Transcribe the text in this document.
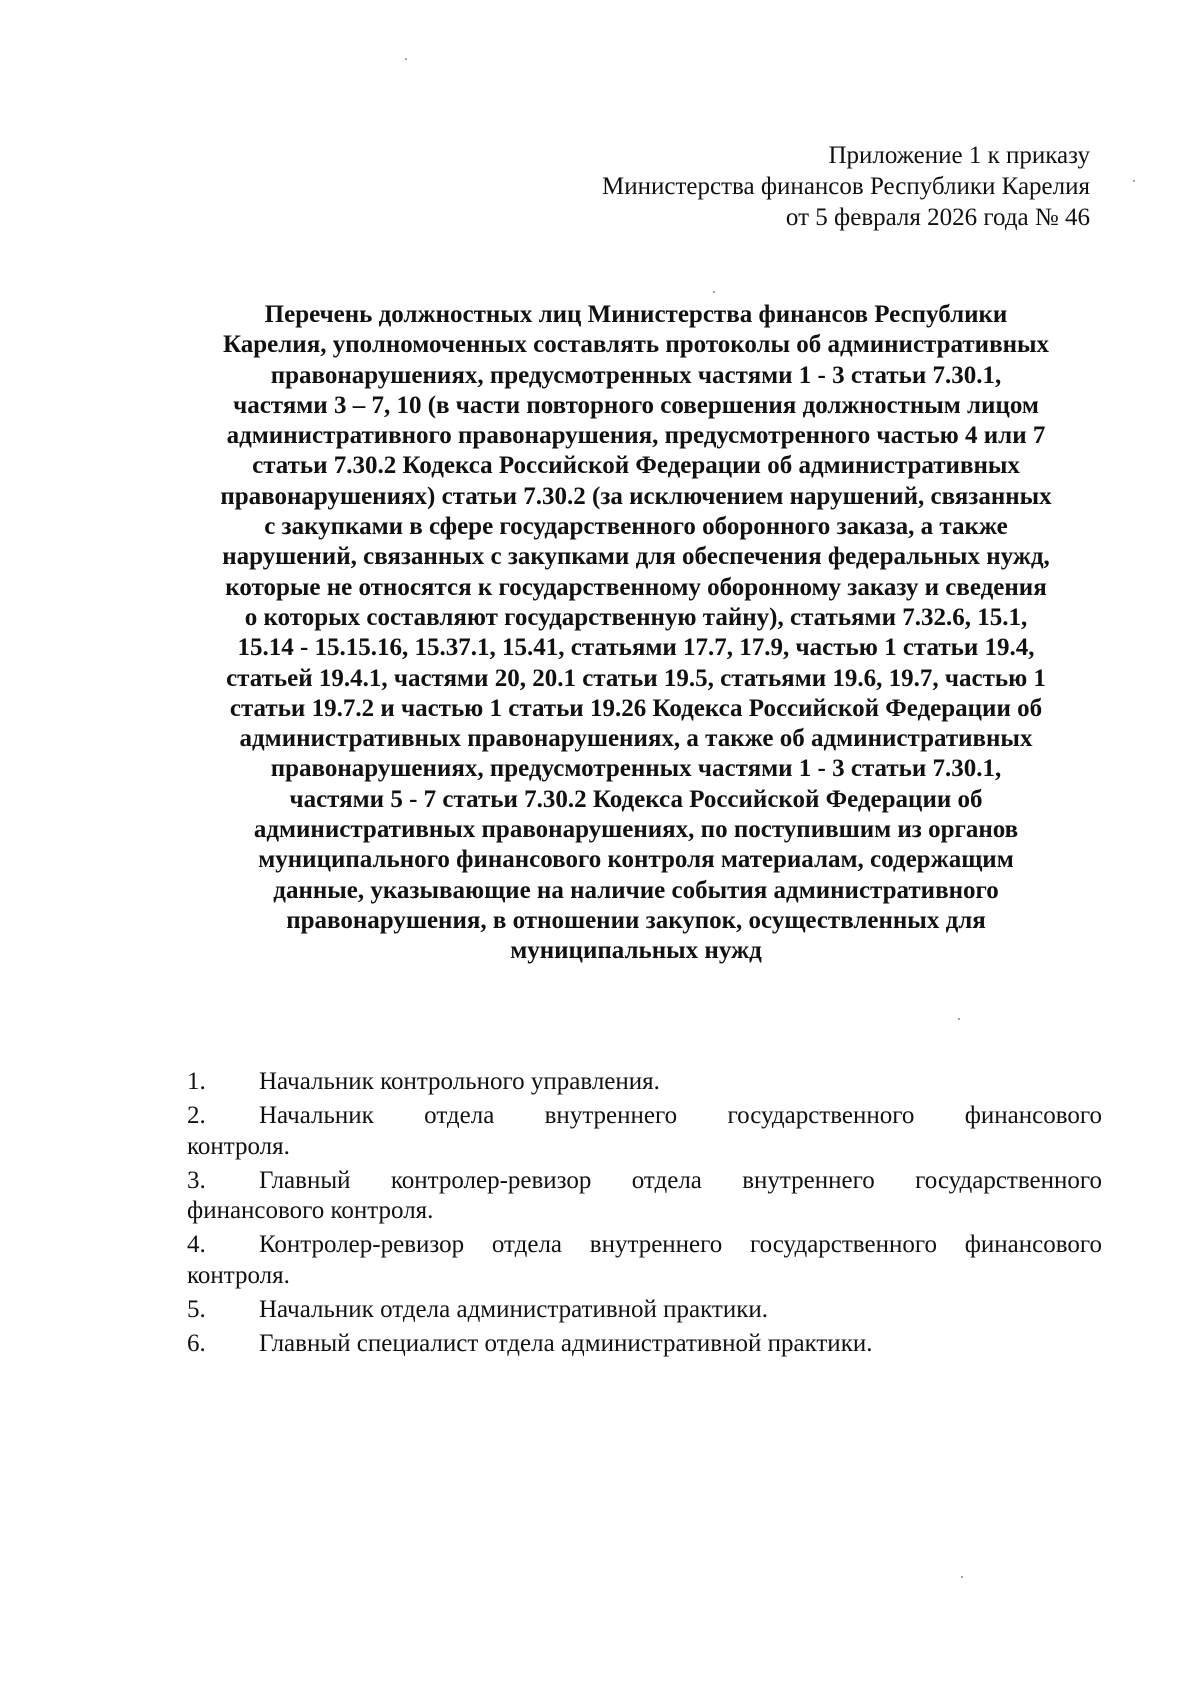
Приложение 1 к приказу
Министерства финансов Республики Карелия
от 5 февраля 2026 года № 46
Перечень должностных лиц Министерства финансов Республики
Карелия, уполномоченных составлять протоколы об административных
правонарушениях, предусмотренных частями 1 - 3 статьи 7.30.1,
частями 3 – 7, 10 (в части повторного совершения должностным лицом
административного правонарушения, предусмотренного частью 4 или 7
статьи 7.30.2 Кодекса Российской Федерации об административных
правонарушениях) статьи 7.30.2 (за исключением нарушений, связанных
с закупками в сфере государственного оборонного заказа, а также
нарушений, связанных с закупками для обеспечения федеральных нужд,
которые не относятся к государственному оборонному заказу и сведения
о которых составляют государственную тайну), статьями 7.32.6, 15.1,
15.14 - 15.15.16, 15.37.1, 15.41, статьями 17.7, 17.9, частью 1 статьи 19.4,
статьей 19.4.1, частями 20, 20.1 статьи 19.5, статьями 19.6, 19.7, частью 1
статьи 19.7.2 и частью 1 статьи 19.26 Кодекса Российской Федерации об
административных правонарушениях, а также об административных
правонарушениях, предусмотренных частями 1 - 3 статьи 7.30.1,
частями 5 - 7 статьи 7.30.2 Кодекса Российской Федерации об
административных правонарушениях, по поступившим из органов
муниципального финансового контроля материалам, содержащим
данные, указывающие на наличие события административного
правонарушения, в отношении закупок, осуществленных для
муниципальных нужд
1. Начальник контрольного управления.
2. Начальник отдела внутреннего государственного финансового
контроля.
3. Главный контролер-ревизор отдела внутреннего государственного
финансового контроля.
4. Контролер-ревизор отдела внутреннего государственного финансового
контроля.
5. Начальник отдела административной практики.
6. Главный специалист отдела административной практики.
